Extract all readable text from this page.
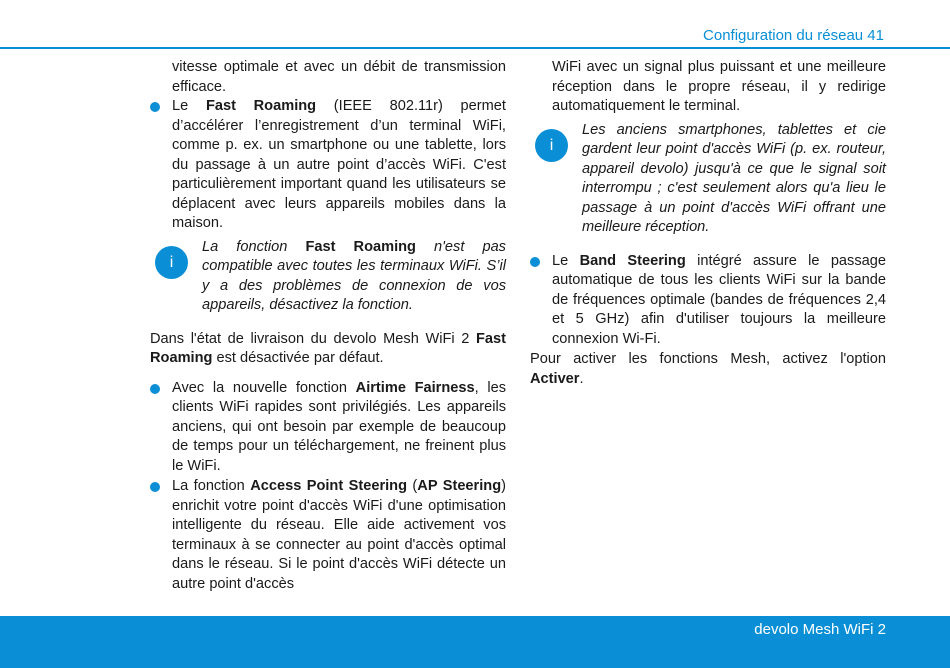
Configuration du réseau 41

vitesse optimale et avec un débit de transmission efficace.

Le Fast Roaming (IEEE 802.11r) permet d’accélérer l’enregistrement d’un terminal WiFi, comme p. ex. un smartphone ou une tablette, lors du passage à un autre point d’accès WiFi. C'est particulièrement important quand les utilisateurs se déplacent avec leurs appareils mobiles dans la maison.
i
La fonction Fast Roaming n'est pas compatible avec toutes les terminaux WiFi. S’il y a des problèmes de connexion de vos appareils, désactivez la fonction.

Dans l'état de livraison du devolo Mesh WiFi 2 Fast Roaming est désactivée par défaut.

Avec la nouvelle fonction Airtime Fairness, les clients WiFi rapides sont privilégiés. Les appareils anciens, qui ont besoin par exemple de beaucoup de temps pour un téléchargement, ne freinent plus le WiFi.
La fonction Access Point Steering (AP Steering) enrichit votre point d'accès WiFi d'une optimisation intelligente du réseau. Elle aide activement vos terminaux à se connecter au point d'accès optimal dans le réseau. Si le point d'accès WiFi détecte un autre point d'accès

WiFi avec un signal plus puissant et une meilleure réception dans le propre réseau, il y redirige automatiquement le terminal.

i
Les anciens smartphones, tablettes et cie gardent leur point d'accès WiFi (p. ex. routeur, appareil devolo) jusqu'à ce que le signal soit interrompu ; c'est seulement alors qu'a lieu le passage à un point d'accès WiFi offrant une meilleure réception.
Le Band Steering intégré assure le passage automatique de tous les clients WiFi sur la bande de fréquences optimale (bandes de fréquences 2,4 et 5 GHz) afin d'utiliser toujours la meilleure connexion Wi-Fi.

Pour activer les fonctions Mesh, activez l'option Activer.

devolo Mesh WiFi 2
